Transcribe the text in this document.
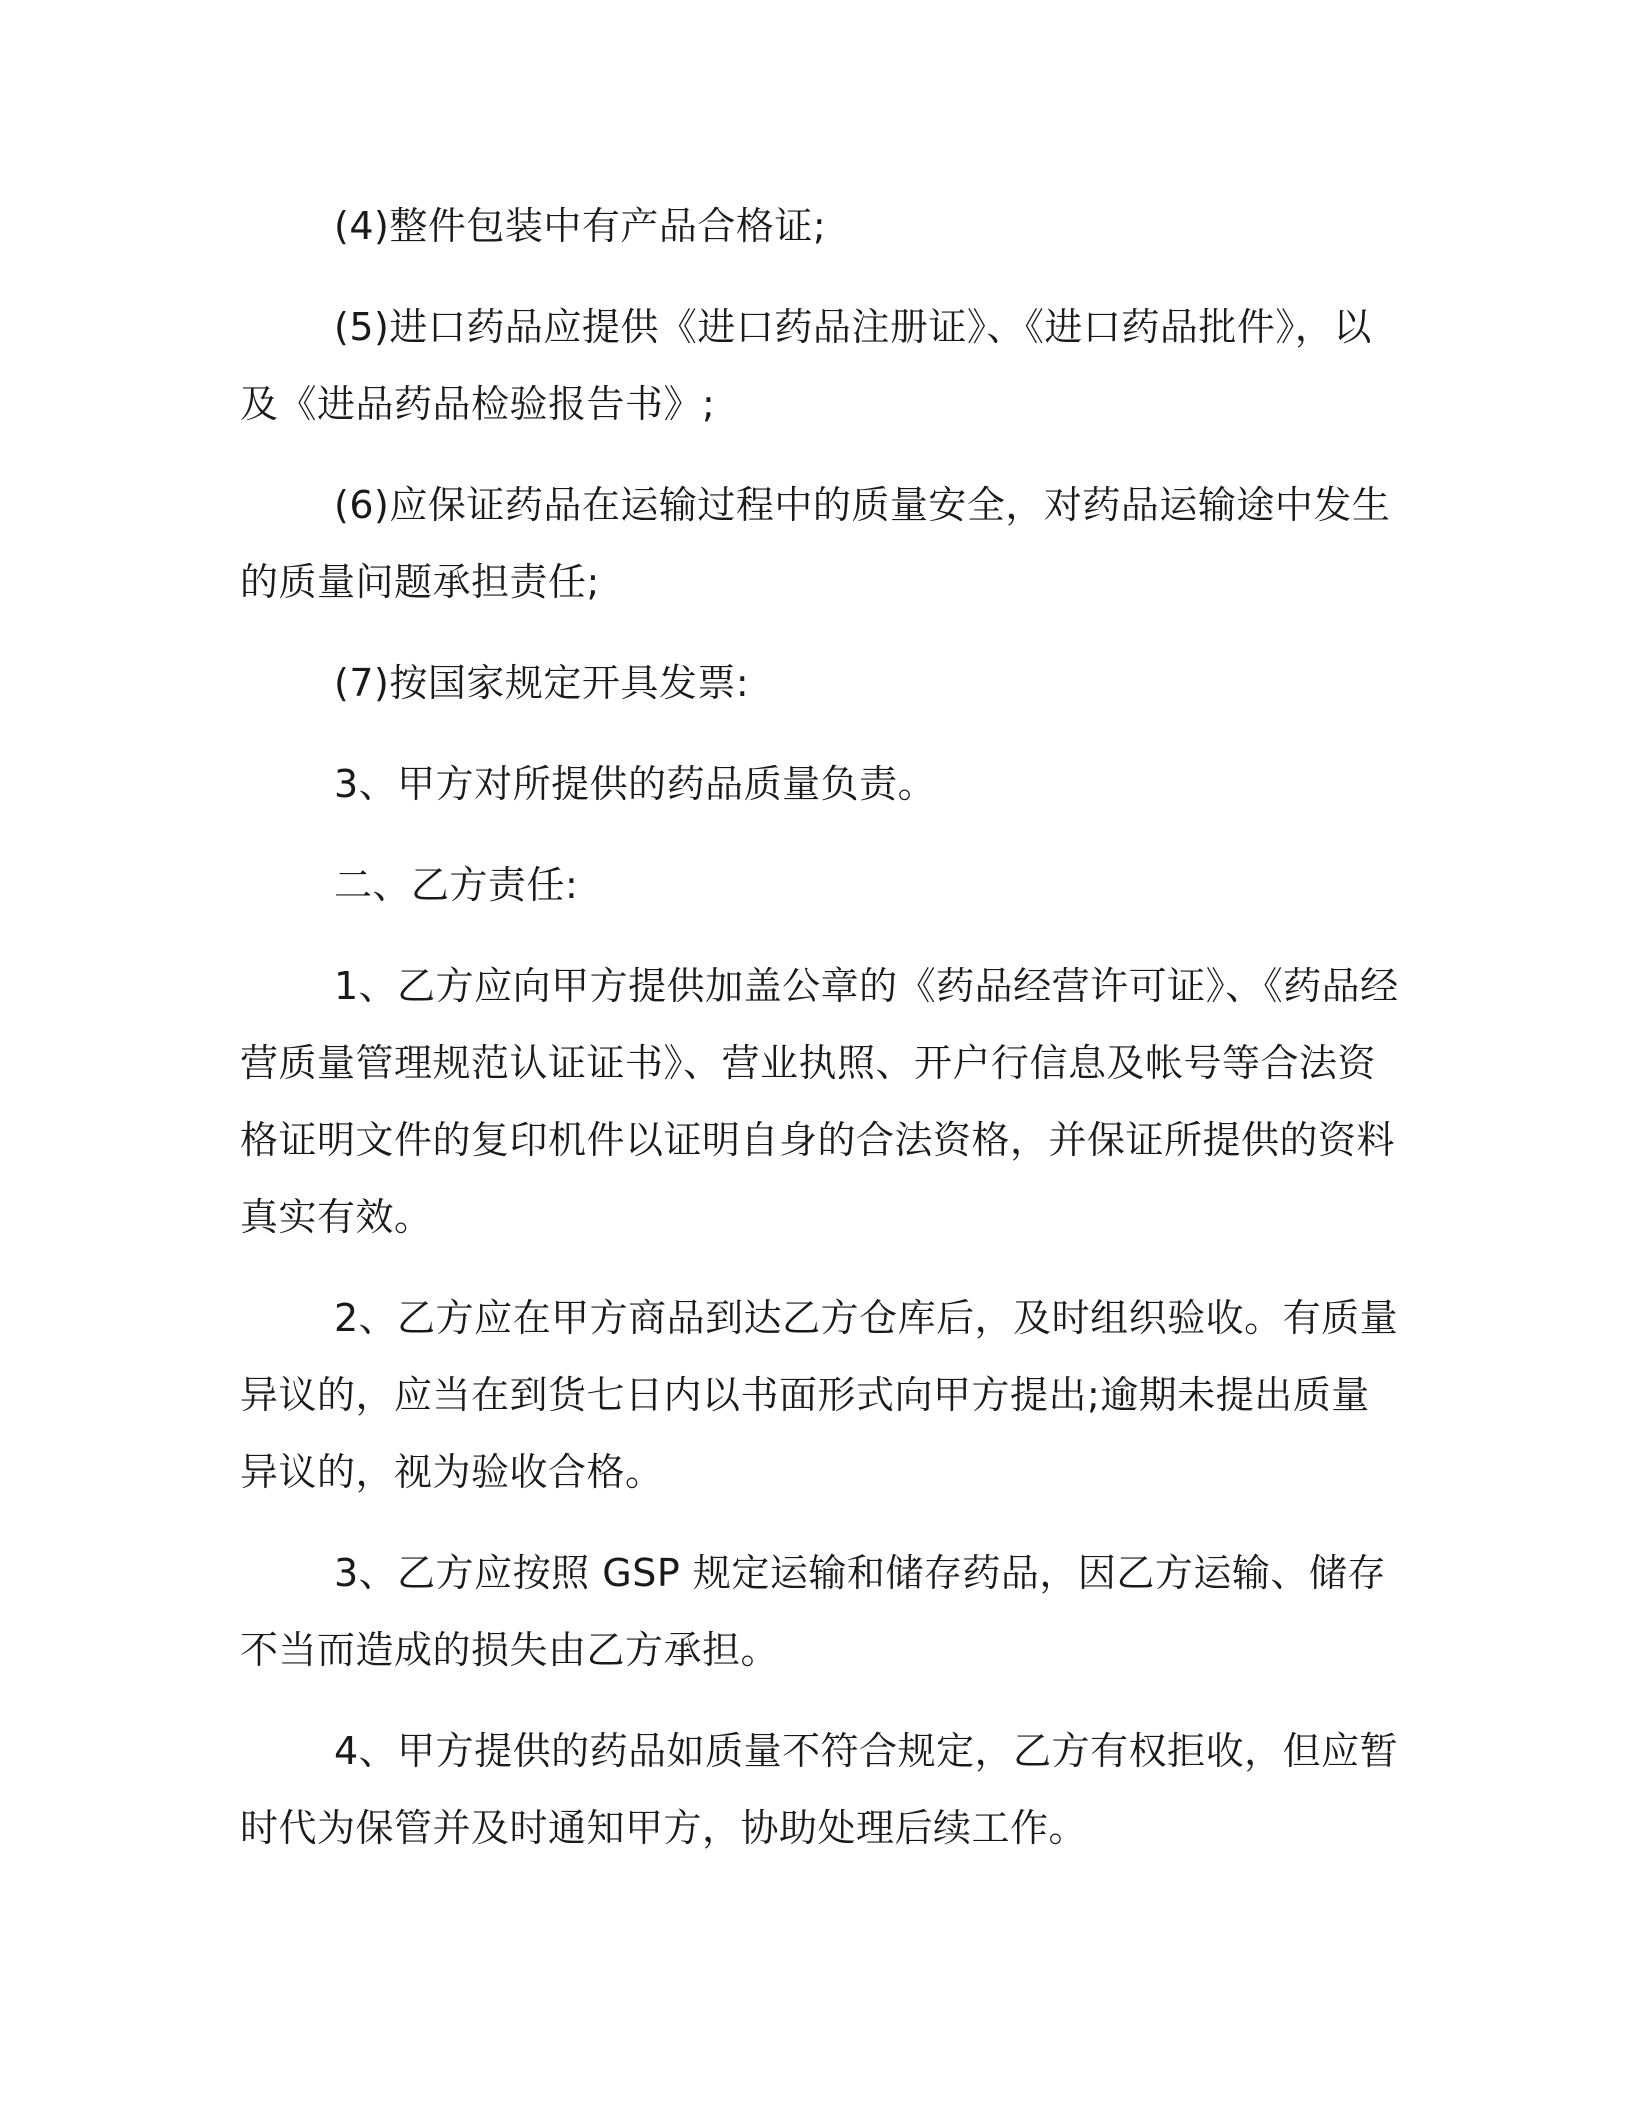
(4)整件包装中有产品合格证;

(5)进口药品应提供《进口药品注册证》、《进口药品批件》，以及《进品药品检验报告书》;

(6)应保证药品在运输过程中的质量安全，对药品运输途中发生的质量问题承担责任;

(7)按国家规定开具发票:

3、甲方对所提供的药品质量负责。

二、乙方责任:

1、乙方应向甲方提供加盖公章的《药品经营许可证》、《药品经营质量管理规范认证证书》、营业执照、开户行信息及帐号等合法资格证明文件的复印机件以证明自身的合法资格，并保证所提供的资料真实有效。

2、乙方应在甲方商品到达乙方仓库后，及时组织验收。有质量异议的，应当在到货七日内以书面形式向甲方提出;逾期未提出质量异议的，视为验收合格。

3、乙方应按照 GSP 规定运输和储存药品，因乙方运输、储存不当而造成的损失由乙方承担。

4、甲方提供的药品如质量不符合规定，乙方有权拒收，但应暂时代为保管并及时通知甲方，协助处理后续工作。
